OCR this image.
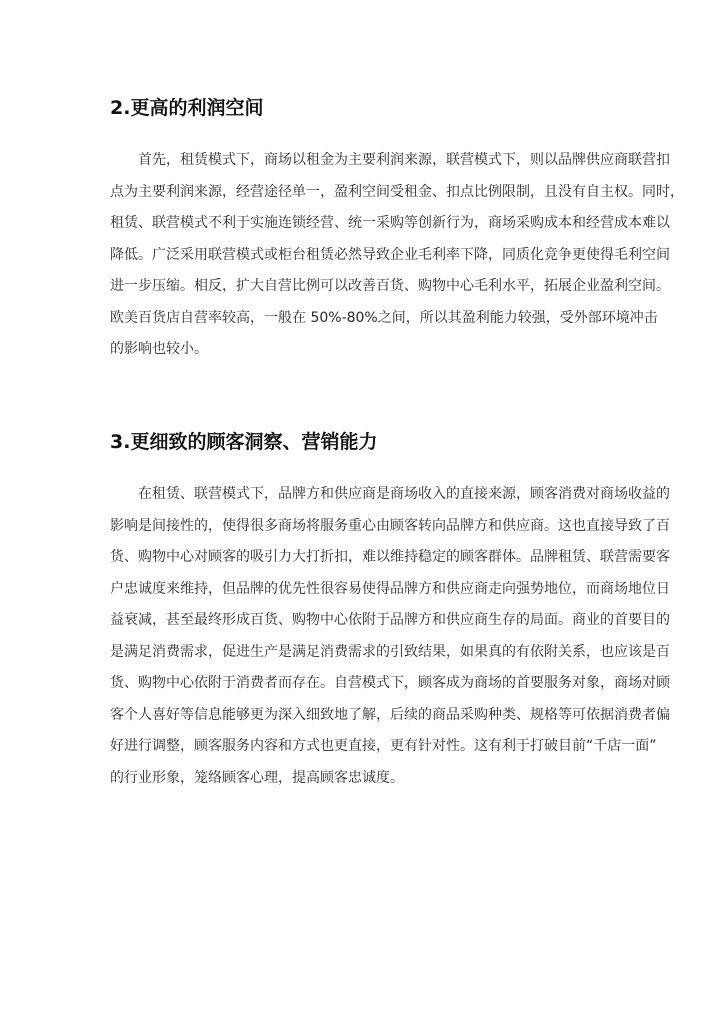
2.更高的利润空间
首先，租赁模式下，商场以租金为主要利润来源，联营模式下，则以品牌供应商联营扣
点为主要利润来源，经营途径单一，盈利空间受租金、扣点比例限制，且没有自主权。同时，
租赁、联营模式不利于实施连锁经营、统一采购等创新行为，商场采购成本和经营成本难以
降低。广泛采用联营模式或柜台租赁必然导致企业毛利率下降，同质化竞争更使得毛利空间
进一步压缩。相反，扩大自营比例可以改善百货、购物中心毛利水平，拓展企业盈利空间。
欧美百货店自营率较高，一般在 50%-80%之间，所以其盈利能力较强，受外部环境冲击
的影响也较小。
3.更细致的顾客洞察、营销能力
在租赁、联营模式下，品牌方和供应商是商场收入的直接来源，顾客消费对商场收益的
影响是间接性的，使得很多商场将服务重心由顾客转向品牌方和供应商。这也直接导致了百
货、购物中心对顾客的吸引力大打折扣，难以维持稳定的顾客群体。品牌租赁、联营需要客
户忠诚度来维持，但品牌的优先性很容易使得品牌方和供应商走向强势地位，而商场地位日
益衰减，甚至最终形成百货、购物中心依附于品牌方和供应商生存的局面。商业的首要目的
是满足消费需求，促进生产是满足消费需求的引致结果，如果真的有依附关系，也应该是百
货、购物中心依附于消费者而存在。自营模式下，顾客成为商场的首要服务对象，商场对顾
客个人喜好等信息能够更为深入细致地了解，后续的商品采购种类、规格等可依据消费者偏
好进行调整，顾客服务内容和方式也更直接，更有针对性。这有利于打破目前“千店一面”
的行业形象，笼络顾客心理，提高顾客忠诚度。
